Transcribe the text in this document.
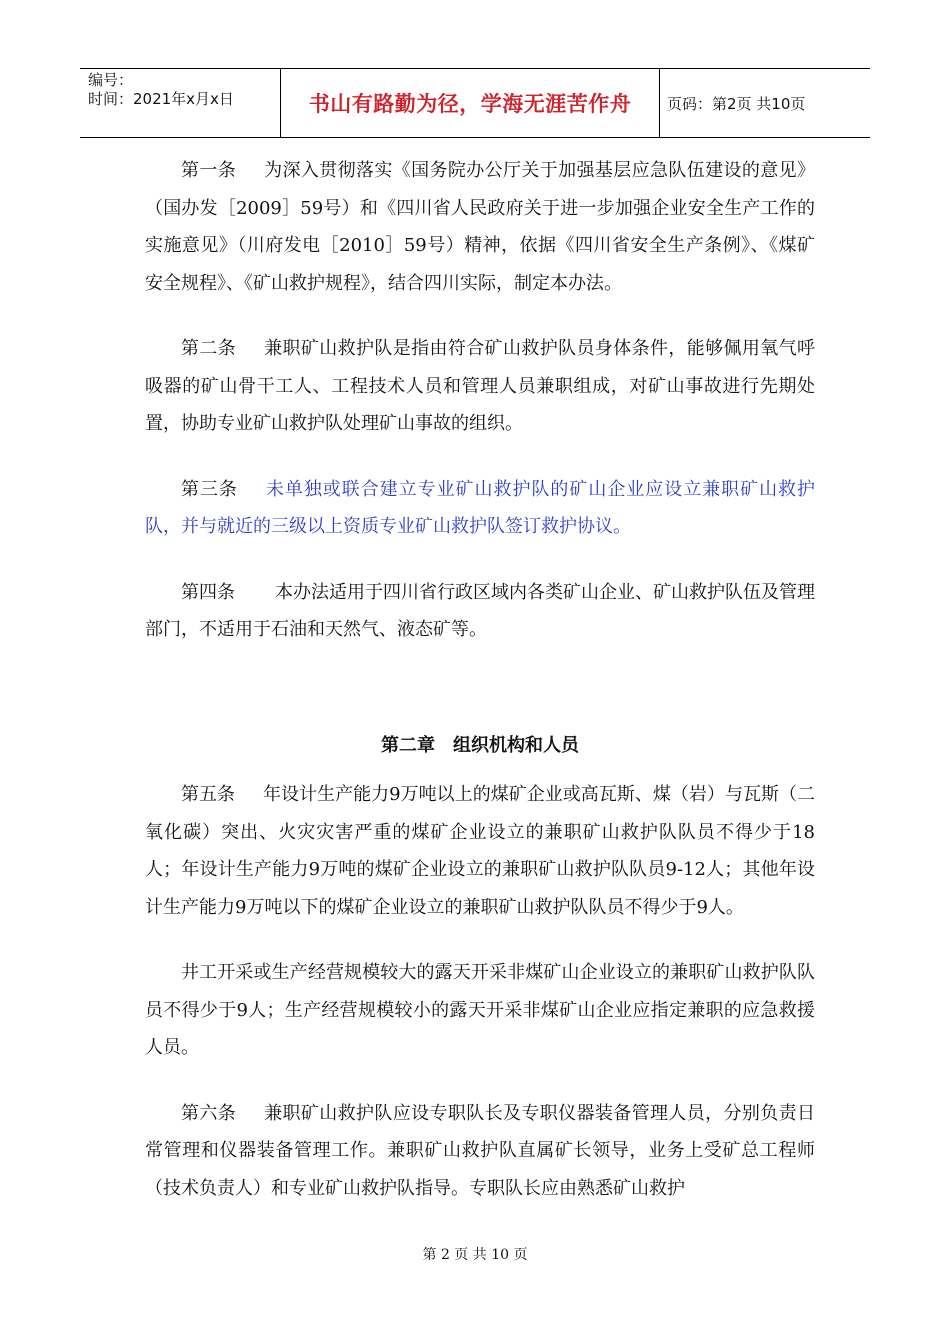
编号：
时间：2021年x月x日	书山有路勤为径，学海无涯苦作舟	页码：第2页 共10页

第一条 为深入贯彻落实《国务院办公厅关于加强基层应急队伍建设的意见》（国办发［2009］59号）和《四川省人民政府关于进一步加强企业安全生产工作的实施意见》（川府发电［2010］59号）精神，依据《四川省安全生产条例》、《煤矿安全规程》、《矿山救护规程》，结合四川实际，制定本办法。

第二条 兼职矿山救护队是指由符合矿山救护队员身体条件，能够佩用氧气呼吸器的矿山骨干工人、工程技术人员和管理人员兼职组成，对矿山事故进行先期处置，协助专业矿山救护队处理矿山事故的组织。

第三条 未单独或联合建立专业矿山救护队的矿山企业应设立兼职矿山救护队，并与就近的三级以上资质专业矿山救护队签订救护协议。

第四条 本办法适用于四川省行政区域内各类矿山企业、矿山救护队伍及管理部门，不适用于石油和天然气、液态矿等。

第二章 组织机构和人员

第五条 年设计生产能力9万吨以上的煤矿企业或高瓦斯、煤（岩）与瓦斯（二氧化碳）突出、火灾灾害严重的煤矿企业设立的兼职矿山救护队队员不得少于18人；年设计生产能力9万吨的煤矿企业设立的兼职矿山救护队队员9-12人；其他年设计生产能力9万吨以下的煤矿企业设立的兼职矿山救护队队员不得少于9人。

井工开采或生产经营规模较大的露天开采非煤矿山企业设立的兼职矿山救护队队员不得少于9人；生产经营规模较小的露天开采非煤矿山企业应指定兼职的应急救援人员。

第六条 兼职矿山救护队应设专职队长及专职仪器装备管理人员，分别负责日常管理和仪器装备管理工作。兼职矿山救护队直属矿长领导，业务上受矿总工程师（技术负责人）和专业矿山救护队指导。专职队长应由熟悉矿山救护

第 2 页 共 10 页
